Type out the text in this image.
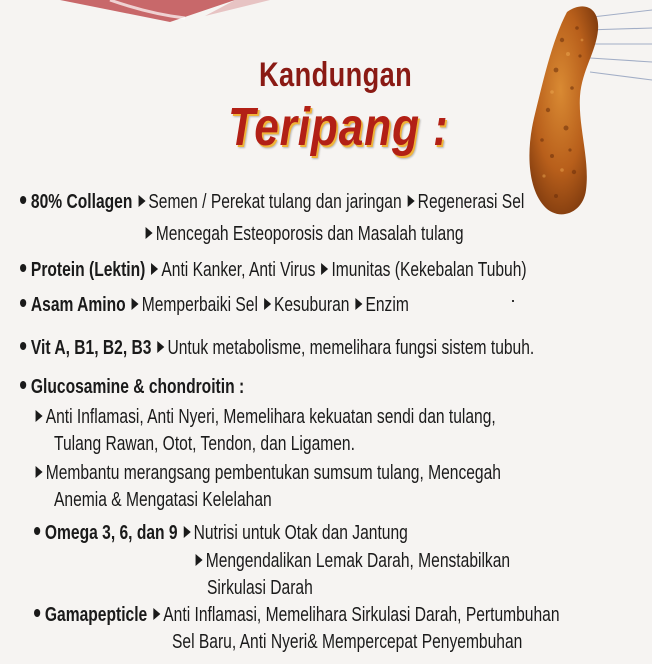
Kandungan
Teripang :
80% Collagen Semen / Perekat tulang dan jaringan Regenerasi Sel
Mencegah Esteoporosis dan Masalah tulang
Protein (Lektin) Anti Kanker, Anti Virus Imunitas (Kekebalan Tubuh)
Asam Amino Memperbaiki Sel Kesuburan Enzim
Vit A, B1, B2, B3 Untuk metabolisme, memelihara fungsi sistem tubuh.
Glucosamine & chondroitin :
Anti Inflamasi, Anti Nyeri, Memelihara kekuatan sendi dan tulang,
Tulang Rawan, Otot, Tendon, dan Ligamen.
Membantu merangsang pembentukan sumsum tulang, Mencegah
Anemia & Mengatasi Kelelahan
Omega 3, 6, dan 9 Nutrisi untuk Otak dan Jantung
Mengendalikan Lemak Darah, Menstabilkan
Sirkulasi Darah
Gamapepticle Anti Inflamasi, Memelihara Sirkulasi Darah, Pertumbuhan
Sel Baru, Anti Nyeri& Mempercepat Penyembuhan
